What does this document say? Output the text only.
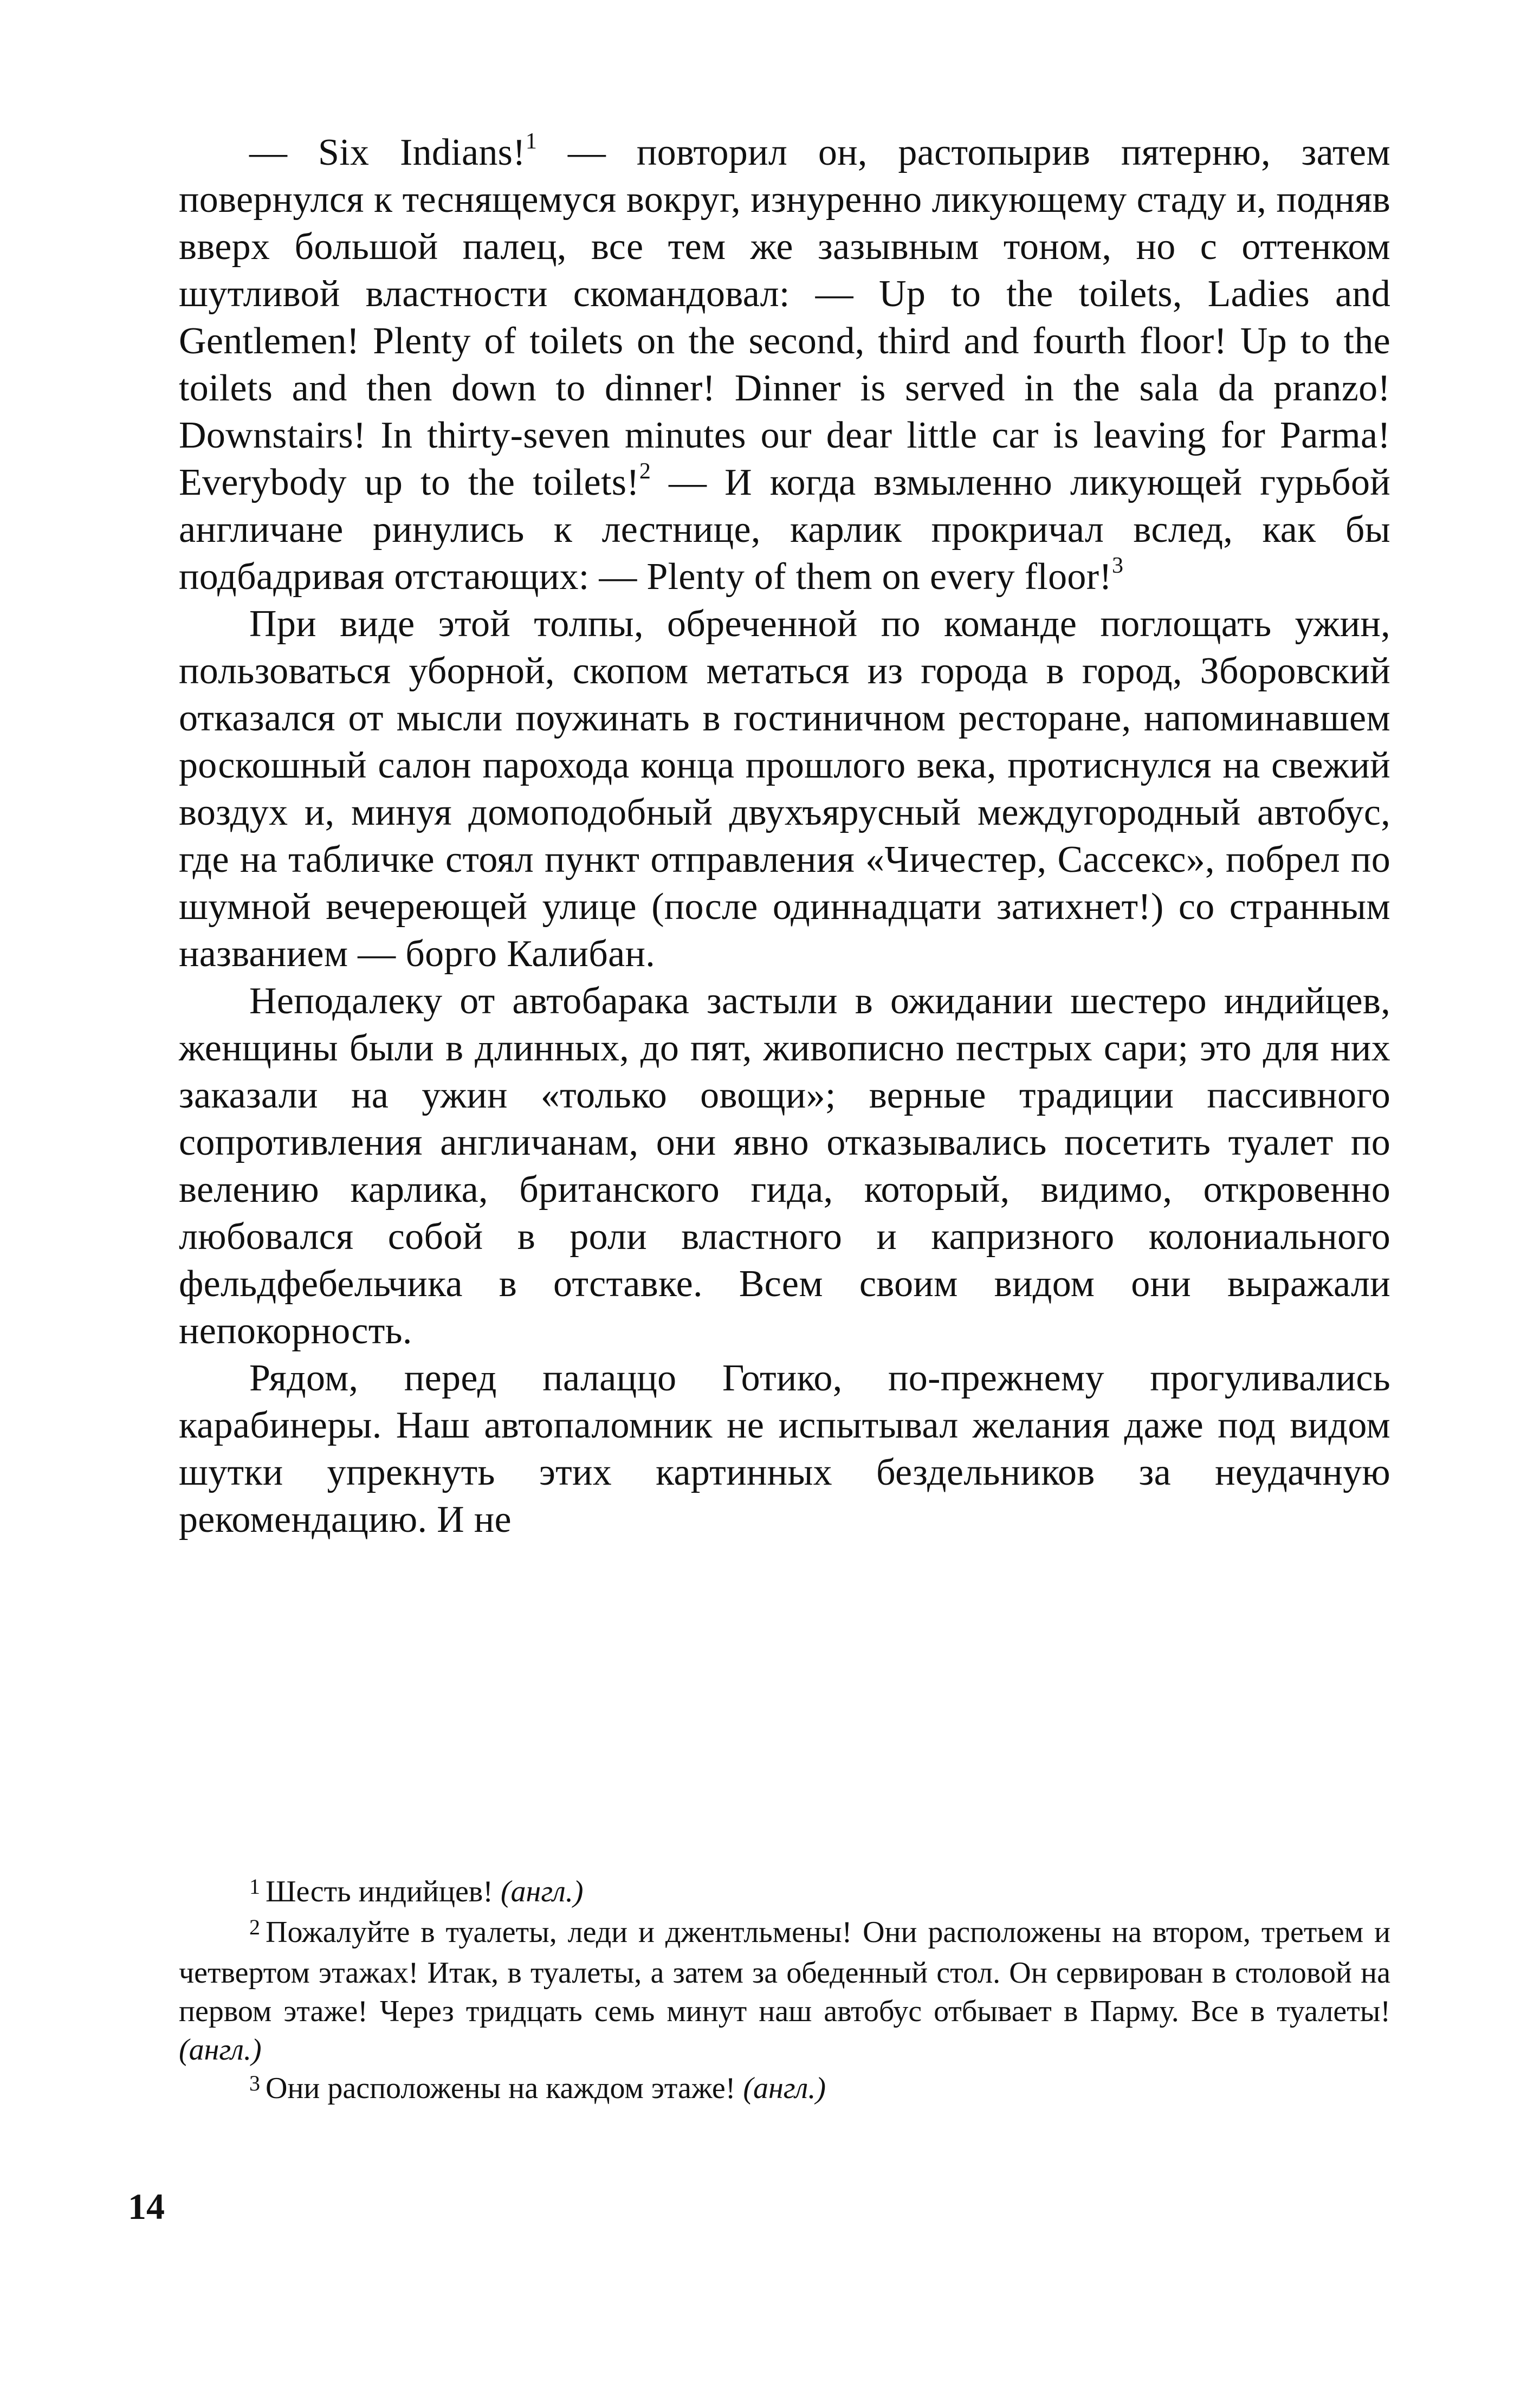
— Six Indians!$^1$ — повторил он, растопырив пятерню, затем повернулся к теснящемуся вокруг, изнуренно ликующему стаду и, подняв вверх большой палец, все тем же зазывным тоном, но с оттенком шутливой властности скомандовал: — Up to the toilets, Ladies and Gentlemen! Plenty of toilets on the second, third and fourth floor! Up to the toilets and then down to dinner! Dinner is served in the sala da pranzo! Downstairs! In thirty-seven minutes our dear little car is leaving for Parma! Everybody up to the toilets!$^2$ — И когда взмыленно ликующей гурьбой англичане ринулись к лестнице, карлик прокричал вслед, как бы подбадривая отстающих: — Plenty of them on every floor!$^3$

При виде этой толпы, обреченной по команде поглощать ужин, пользоваться уборной, скопом метаться из города в город, Зборовский отказался от мысли поужинать в гостиничном ресторане, напоминавшем роскошный салон парохода конца прошлого века, протиснулся на свежий воздух и, минуя домоподобный двухъярусный междугородный автобус, где на табличке стоял пункт отправления «Чичестер, Сассекс», побрел по шумной вечереющей улице (после одиннадцати затихнет!) со странным названием — борго Калибан.

Неподалеку от автобарака застыли в ожидании шестеро индийцев, женщины были в длинных, до пят, живописно пестрых сари; это для них заказали на ужин «только овощи»; верные традиции пассивного сопротивления англичанам, они явно отказывались посетить туалет по велению карлика, британского гида, который, видимо, откровенно любовался собой в роли властного и капризного колониального фельдфебельчика в отставке. Всем своим видом они выражали непокорность.

Рядом, перед палаццо Готико, по-прежнему прогуливались карабинеры. Наш автопаломник не испытывал желания даже под видом шутки упрекнуть этих картинных бездельников за неудачную рекомендацию. И не

$^1$ Шесть индийцев! (англ.)

$^2$ Пожалуйте в туалеты, леди и джентльмены! Они расположены на втором, третьем и четвертом этажах! Итак, в туалеты, а затем за обеденный стол. Он сервирован в столовой на первом этаже! Через тридцать семь минут наш автобус отбывает в Парму. Все в туалеты! (англ.)

$^3$ Они расположены на каждом этаже! (англ.)

14
